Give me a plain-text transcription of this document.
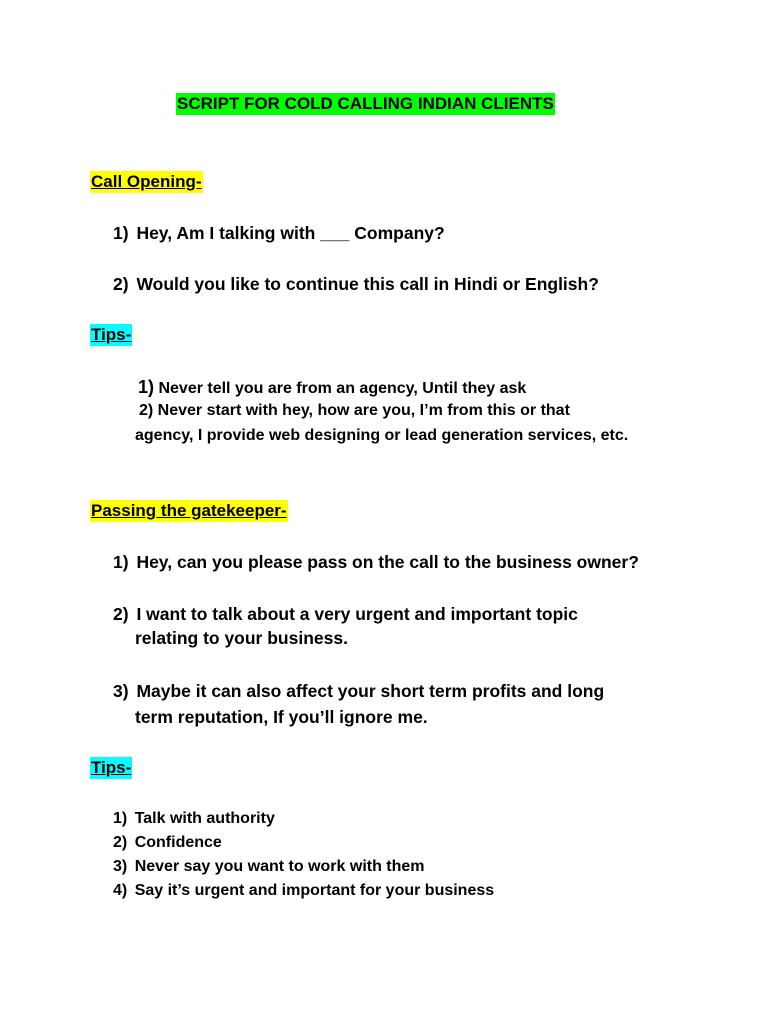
SCRIPT FOR COLD CALLING INDIAN CLIENTS
Call Opening-
1) Hey, Am I talking with ___ Company?
2) Would you like to continue this call in Hindi or English?
Tips-
1) Never tell you are from an agency, Until they ask
2) Never start with hey, how are you, I’m from this or that
agency, I provide web designing or lead generation services, etc.
Passing the gatekeeper-
1) Hey, can you please pass on the call to the business owner?
2) I want to talk about a very urgent and important topic
relating to your business.
3) Maybe it can also affect your short term profits and long
term reputation, If you’ll ignore me.
Tips-
1) Talk with authority
2) Confidence
3) Never say you want to work with them
4) Say it’s urgent and important for your business
